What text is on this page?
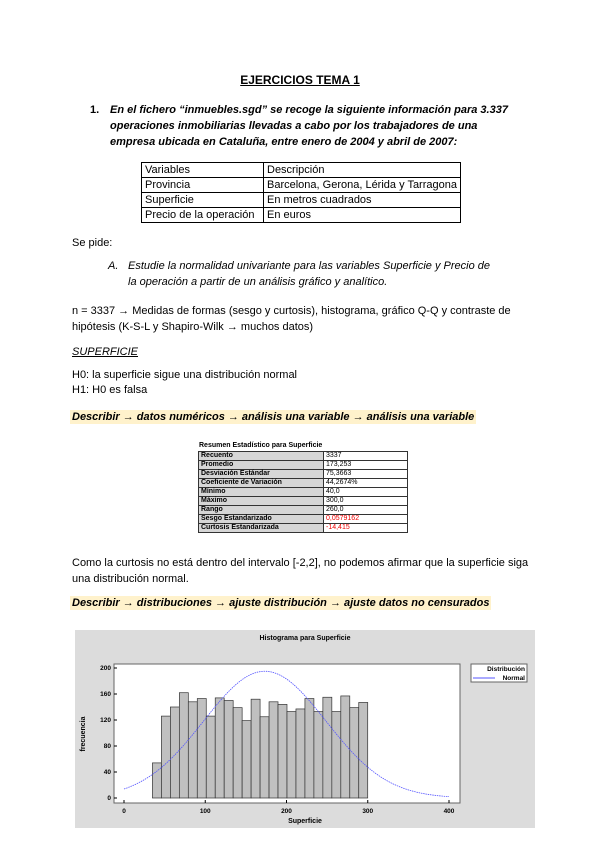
EJERCICIOS TEMA 1
1. En el fichero “inmuebles.sgd” se recoge la siguiente información para 3.337 operaciones inmobiliarias llevadas a cabo por los trabajadores de una empresa ubicada en Cataluña, entre enero de 2004 y abril de 2007:
Variables	Descripción
Provincia	Barcelona, Gerona, Lérida y Tarragona
Superficie	En metros cuadrados
Precio de la operación	En euros
Se pide:
A. Estudie la normalidad univariante para las variables Superficie y Precio de la operación a partir de un análisis gráfico y analítico.
n = 3337 → Medidas de formas (sesgo y curtosis), histograma, gráfico Q-Q y contraste de hipótesis (K-S-L y Shapiro-Wilk → muchos datos)
SUPERFICIE
H0: la superficie sigue una distribución normal
H1: H0 es falsa
Describir → datos numéricos → análisis una variable → análisis una variable
Resumen Estadístico para Superficie
Recuento	3337
Promedio	173,253
Desviación Estándar	75,3663
Coeficiente de Variación	44,2674%
Mínimo	40,0
Máximo	300,0
Rango	260,0
Sesgo Estandarizado	0,0579162
Curtosis Estandarizada	-14,415
Como la curtosis no está dentro del intervalo [-2,2], no podemos afirmar que la superficie siga una distribución normal.
Describir → distribuciones → ajuste distribución → ajuste datos no censurados
Histograma para Superficie
0	100	200	300	400
0
40
80
120
160
200
Superficie
frecuencia
Distribución
Normal
